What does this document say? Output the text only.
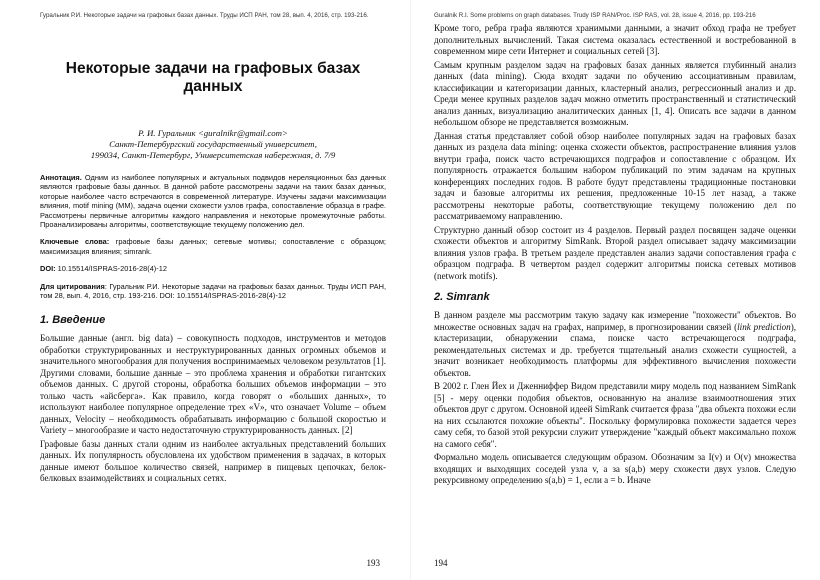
Гуральник Р.И. Некоторые задачи на графовых базах данных. Труды ИСП РАН, том 28, вып. 4, 2016, стр. 193-216.
Некоторые задачи на графовых базах данных
Р. И. Гуральник <guralnikr@gmail.com>
Санкт-Петербургский государственный университет,
199034, Санкт-Петербург, Университетская набережная, д. 7/9
Аннотация. Одним из наиболее популярных и актуальных подвидов нереляционных баз данных являются графовые базы данных. В данной работе рассмотрены задачи на таких базах данных, которые наиболее часто встречаются в современной литературе. Изучены задачи максимизации влияния, motif mining (MM), задача оценки схожести узлов графа, сопоставление образца в графе. Рассмотрены первичные алгоритмы каждого направления и некоторые промежуточные работы. Проанализированы алгоритмы, соответствующие текущему положению дел.
Ключевые слова: графовые базы данных; сетевые мотивы; сопоставление с образцом; максимизация влияния; simrank.
DOI: 10.15514/ISPRAS-2016-28(4)-12
Для цитирования: Гуральник Р.И. Некоторые задачи на графовых базах данных. Труды ИСП РАН, том 28, вып. 4, 2016, стр. 193-216. DOI: 10.15514/ISPRAS-2016-28(4)-12
1. Введение

Большие данные (англ. big data) – совокупность подходов, инструментов и методов обработки структурированных и неструктурированных данных огромных объемов и значительного многообразия для получения воспринимаемых человеком результатов [1]. Другими словами, большие данные – это проблема хранения и обработки гигантских объемов данных. С другой стороны, обработка больших объемов информации – это только часть «айсберга». Как правило, когда говорят о «больших данных», то используют наиболее популярное определение трех «V», что означает Volume – объем данных, Velocity – необходимость обрабатывать информацию с большой скоростью и Variety – многообразие и часто недостаточную структурированность данных. [2]

Графовые базы данных стали одним из наиболее актуальных представлений больших данных. Их популярность обусловлена их удобством применения в задачах, в которых данные имеют большое количество связей, например в пищевых цепочках, белок-белковых взаимодействиях и социальных сетях.

193
Guralnik R.I. Some problems on graph databases. Trudy ISP RAN/Proc. ISP RAS, vol. 28, issue 4, 2016, pp. 193-216

Кроме того, ребра графа являются хранимыми данными, а значит обход графа не требует дополнительных вычислений. Такая система оказалась естественной и востребованной в современном мире сети Интернет и социальных сетей [3].

Самым крупным разделом задач на графовых базах данных является глубинный анализ данных (data mining). Сюда входят задачи по обучению ассоциативным правилам, классификации и категоризации данных, кластерный анализ, регрессионный анализ и др. Среди менее крупных разделов задач можно отметить пространственный и статистический анализ данных, визуализацию аналитических данных [1, 4]. Описать все задачи в данном небольшом обзоре не представляется возможным.

Данная статья представляет собой обзор наиболее популярных задач на графовых базах данных из раздела data mining: оценка схожести объектов, распространение влияния узлов внутри графа, поиск часто встречающихся подграфов и сопоставление с образцом. Их популярность отражается большим набором публикаций по этим задачам на крупных конференциях последних годов. В работе будут представлены традиционные постановки задач и базовые алгоритмы их решения, предложенные 10-15 лет назад, а также рассмотрены некоторые работы, соответствующие текущему положению дел по рассматриваемому направлению.

Структурно данный обзор состоит из 4 разделов. Первый раздел посвящен задаче оценки схожести объектов и алгоритму SimRank. Второй раздел описывает задачу максимизации влияния узлов графа. В третьем разделе представлен анализ задачи сопоставления графа с образцом подграфа. В четвертом раздел содержит алгоритмы поиска сетевых мотивов (network motifs).

2. Simrank

В данном разделе мы рассмотрим такую задачу как измерение "похожести" объектов. Во множестве основных задач на графах, например, в прогнозировании связей (link prediction), кластеризации, обнаружении спама, поиске часто встречающегося подграфа, рекомендательных системах и др. требуется тщательный анализ схожести сущностей, а значит возникает необходимость платформы для эффективного вычисления похожести объектов.

В 2002 г. Глен Йех и Дженниффер Видом представили миру модель под названием SimRank [5] - меру оценки подобия объектов, основанную на анализе взаимоотношения этих объектов друг с другом. Основной идеей SimRank считается фраза "два объекта похожи если на них ссылаются похожие объекты". Поскольку формулировка похожести задается через саму себя, то базой этой рекурсии служит утверждение "каждый объект максимально похож на самого себя".

Формально модель описывается следующим образом. Обозначим за I(v) и O(v) множества входящих и выходящих соседей узла v, а за s(a,b) меру схожести двух узлов. Следую рекурсивному определению s(a,b) = 1, если a = b. Иначе

194
